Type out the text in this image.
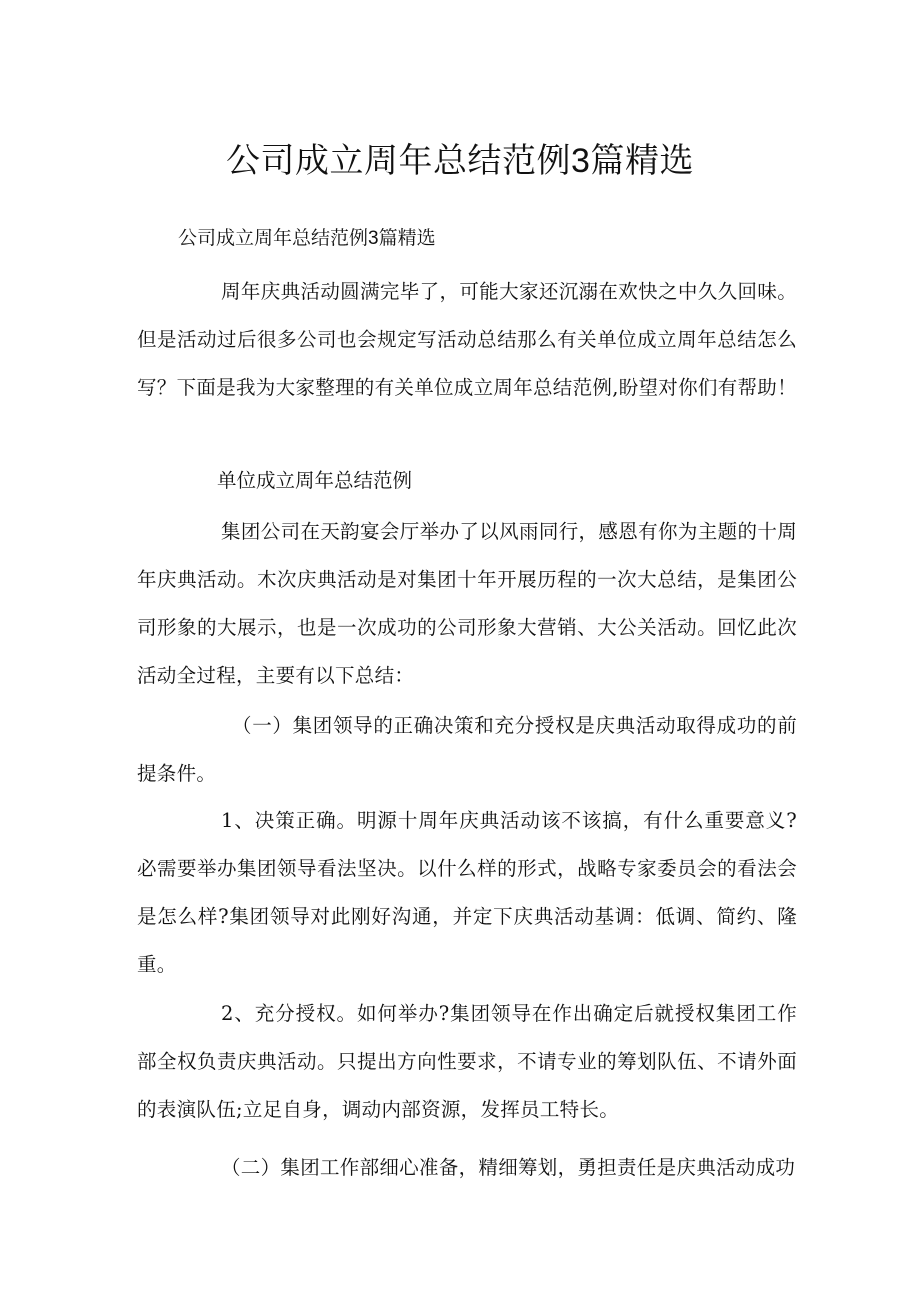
公司成立周年总结范例3篇精选

公司成立周年总结范例3篇精选

周年庆典活动圆满完毕了，可能大家还沉溺在欢快之中久久回味。但是活动过后很多公司也会规定写活动总结那么有关单位成立周年总结怎么写？下面是我为大家整理的有关单位成立周年总结范例,盼望对你们有帮助！

单位成立周年总结范例

集团公司在天韵宴会厅举办了以风雨同行，感恩有你为主题的十周年庆典活动。木次庆典活动是对集团十年开展历程的一次大总结，是集团公司形象的大展示，也是一次成功的公司形象大营销、大公关活动。回忆此次活动全过程，主要有以下总结：

（一）集团领导的正确决策和充分授权是庆典活动取得成功的前提条件。

1、决策正确。明源十周年庆典活动该不该搞，有什么重要意义?必需要举办集团领导看法坚决。以什么样的形式，战略专家委员会的看法会是怎么样?集团领导对此刚好沟通，并定下庆典活动基调：低调、简约、隆重。

2、充分授权。如何举办?集团领导在作出确定后就授权集团工作部全权负责庆典活动。只提出方向性要求，不请专业的筹划队伍、不请外面的表演队伍;立足自身，调动内部资源，发挥员工特长。

（二）集团工作部细心准备，精细筹划，勇担责任是庆典活动成功
